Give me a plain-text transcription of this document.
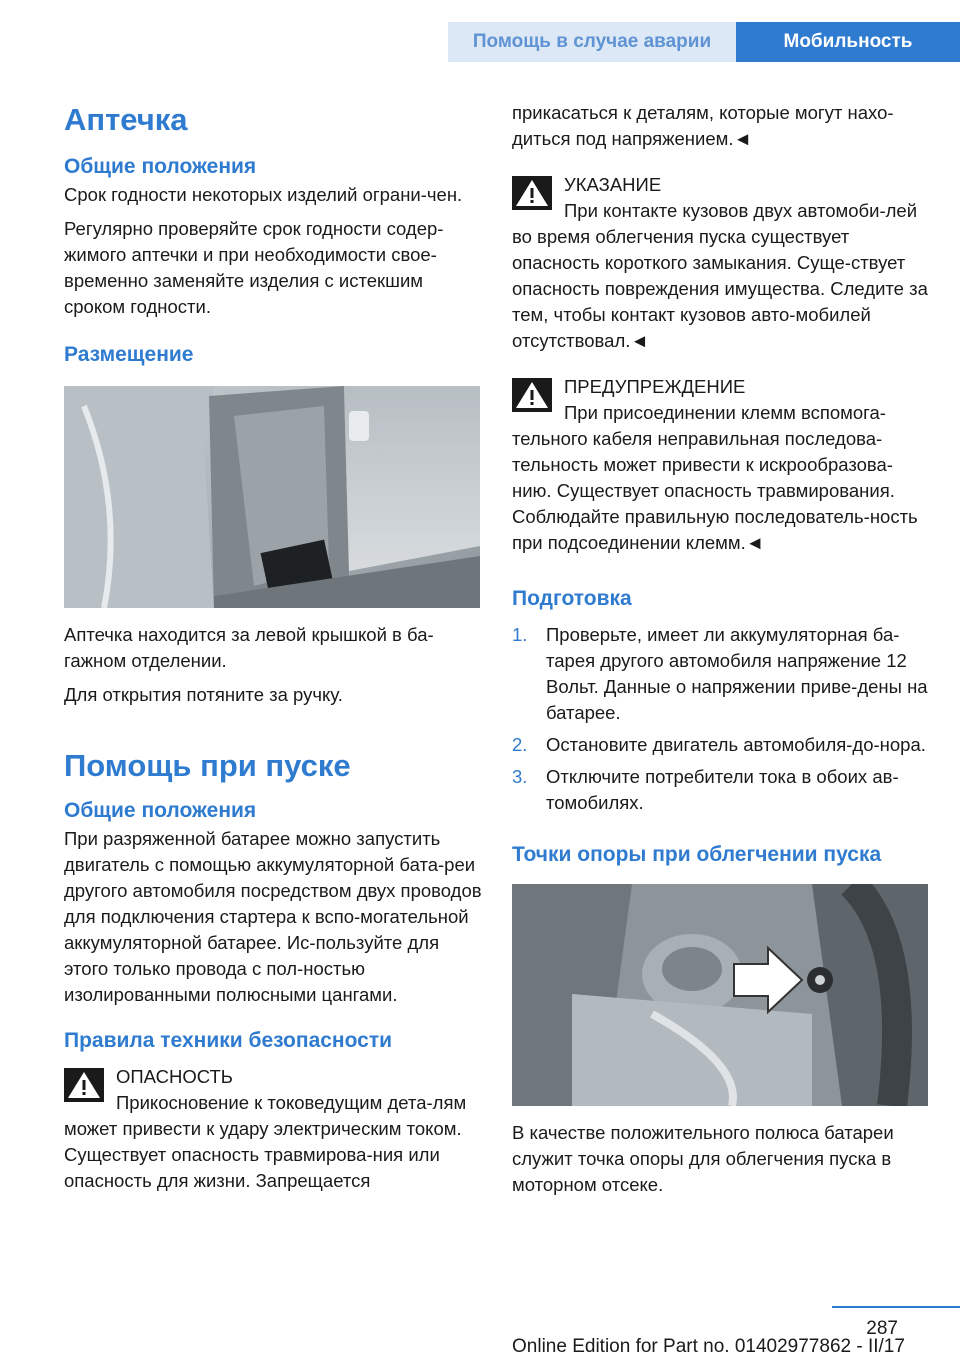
Помощь в случае аварии	Мобильность
Аптечка
Общие положения

Срок годности некоторых изделий ограни-чен.

Регулярно проверяйте срок годности содер-жимого аптечки и при необходимости свое-временно заменяйте изделия с истекшим сроком годности.

Размещение

Аптечка находится за левой крышкой в ба-гажном отделении.

Для открытия потяните за ручку.

Помощь при пуске
Общие положения

При разряженной батарее можно запустить двигатель с помощью аккумуляторной бата-реи другого автомобиля посредством двух проводов для подключения стартера к вспо-могательной аккумуляторной батарее. Ис-пользуйте для этого только провода с пол-ностью изолированными полюсными цангами.

Правила техники безопасности
ОПАСНОСТЬ

Прикосновение к токоведущим дета-лям может привести к удару электрическим током. Существует опасность травмирова-ния или опасность для жизни. Запрещается

прикасаться к деталям, которые могут нахо-диться под напряжением.◄

УКАЗАНИЕ

При контакте кузовов двух автомоби-лей во время облегчения пуска существует опасность короткого замыкания. Суще-ствует опасность повреждения имущества. Следите за тем, чтобы контакт кузовов авто-мобилей отсутствовал.◄

ПРЕДУПРЕЖДЕНИЕ

При присоединении клемм вспомога-тельного кабеля неправильная последова-тельность может привести к искрообразова-нию. Существует опасность травмирования. Соблюдайте правильную последователь-ность при подсоединении клемм.◄

Подготовка
1. Проверьте, имеет ли аккумуляторная ба-тарея другого автомобиля напряжение 12 Вольт. Данные о напряжении приве-дены на батарее.
2. Остановите двигатель автомобиля-до-нора.
3. Отключите потребители тока в обоих ав-томобилях.
Точки опоры при облегчении пуска

В качестве положительного полюса батареи служит точка опоры для облегчения пуска в моторном отсеке.

287
Online Edition for Part no. 01402977862 - II/17
